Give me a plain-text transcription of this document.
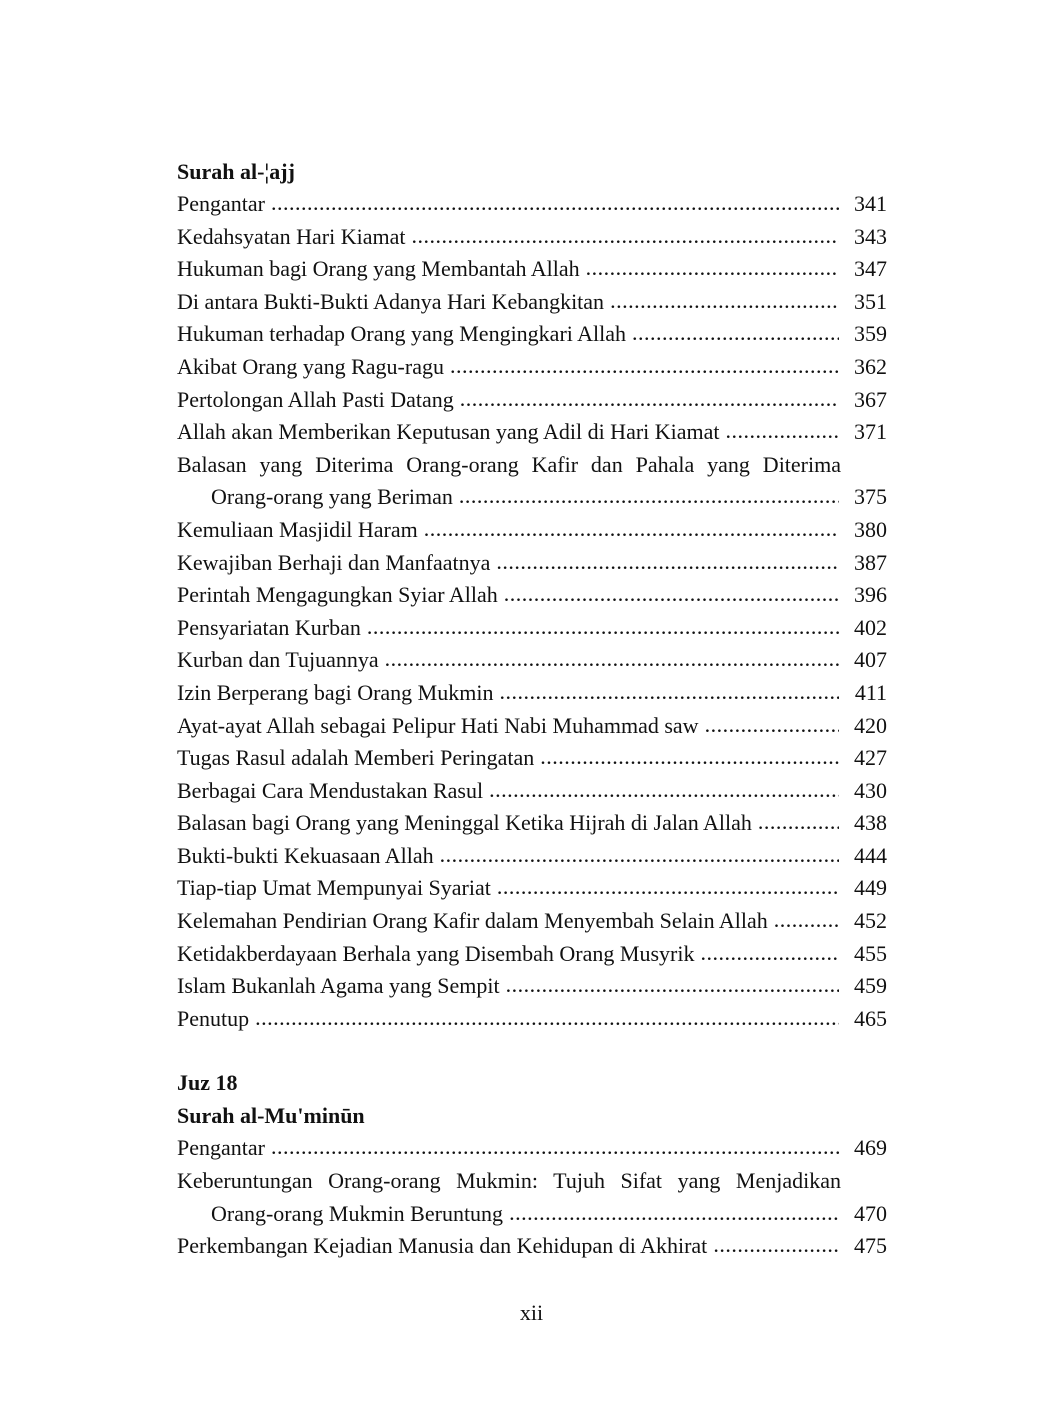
Surah al-¦ajj
Pengantar .....	341
Kedahsyatan Hari Kiamat .....	343
Hukuman bagi Orang yang Membantah Allah .....	347
Di antara Bukti-Bukti Adanya Hari Kebangkitan .....	351
Hukuman terhadap Orang yang Mengingkari Allah .....	359
Akibat Orang yang Ragu-ragu .....	362
Pertolongan Allah Pasti Datang .....	367
Allah akan Memberikan Keputusan yang Adil di Hari Kiamat .....	371
Balasan yang Diterima Orang-orang Kafir dan Pahala yang Diterima
Orang-orang yang Beriman .....	375
Kemuliaan Masjidil Haram .....	380
Kewajiban Berhaji dan Manfaatnya .....	387
Perintah Mengagungkan Syiar Allah .....	396
Pensyariatan Kurban .....	402
Kurban dan Tujuannya .....	407
Izin Berperang bagi Orang Mukmin .....	411
Ayat-ayat Allah sebagai Pelipur Hati Nabi Muhammad saw .....	420
Tugas Rasul adalah Memberi Peringatan .....	427
Berbagai Cara Mendustakan Rasul .....	430
Balasan bagi Orang yang Meninggal Ketika Hijrah di Jalan Allah .....	438
Bukti-bukti Kekuasaan Allah .....	444
Tiap-tiap Umat Mempunyai Syariat .....	449
Kelemahan Pendirian Orang Kafir dalam Menyembah Selain Allah .....	452
Ketidakberdayaan Berhala yang Disembah Orang Musyrik .....	455
Islam Bukanlah Agama yang Sempit .....	459
Penutup .....	465
Juz 18
Surah al-Mu'minūn
Pengantar .....	469
Keberuntungan Orang-orang Mukmin: Tujuh Sifat yang Menjadikan
Orang-orang Mukmin Beruntung .....	470
Perkembangan Kejadian Manusia dan Kehidupan di Akhirat .....	475
xii
